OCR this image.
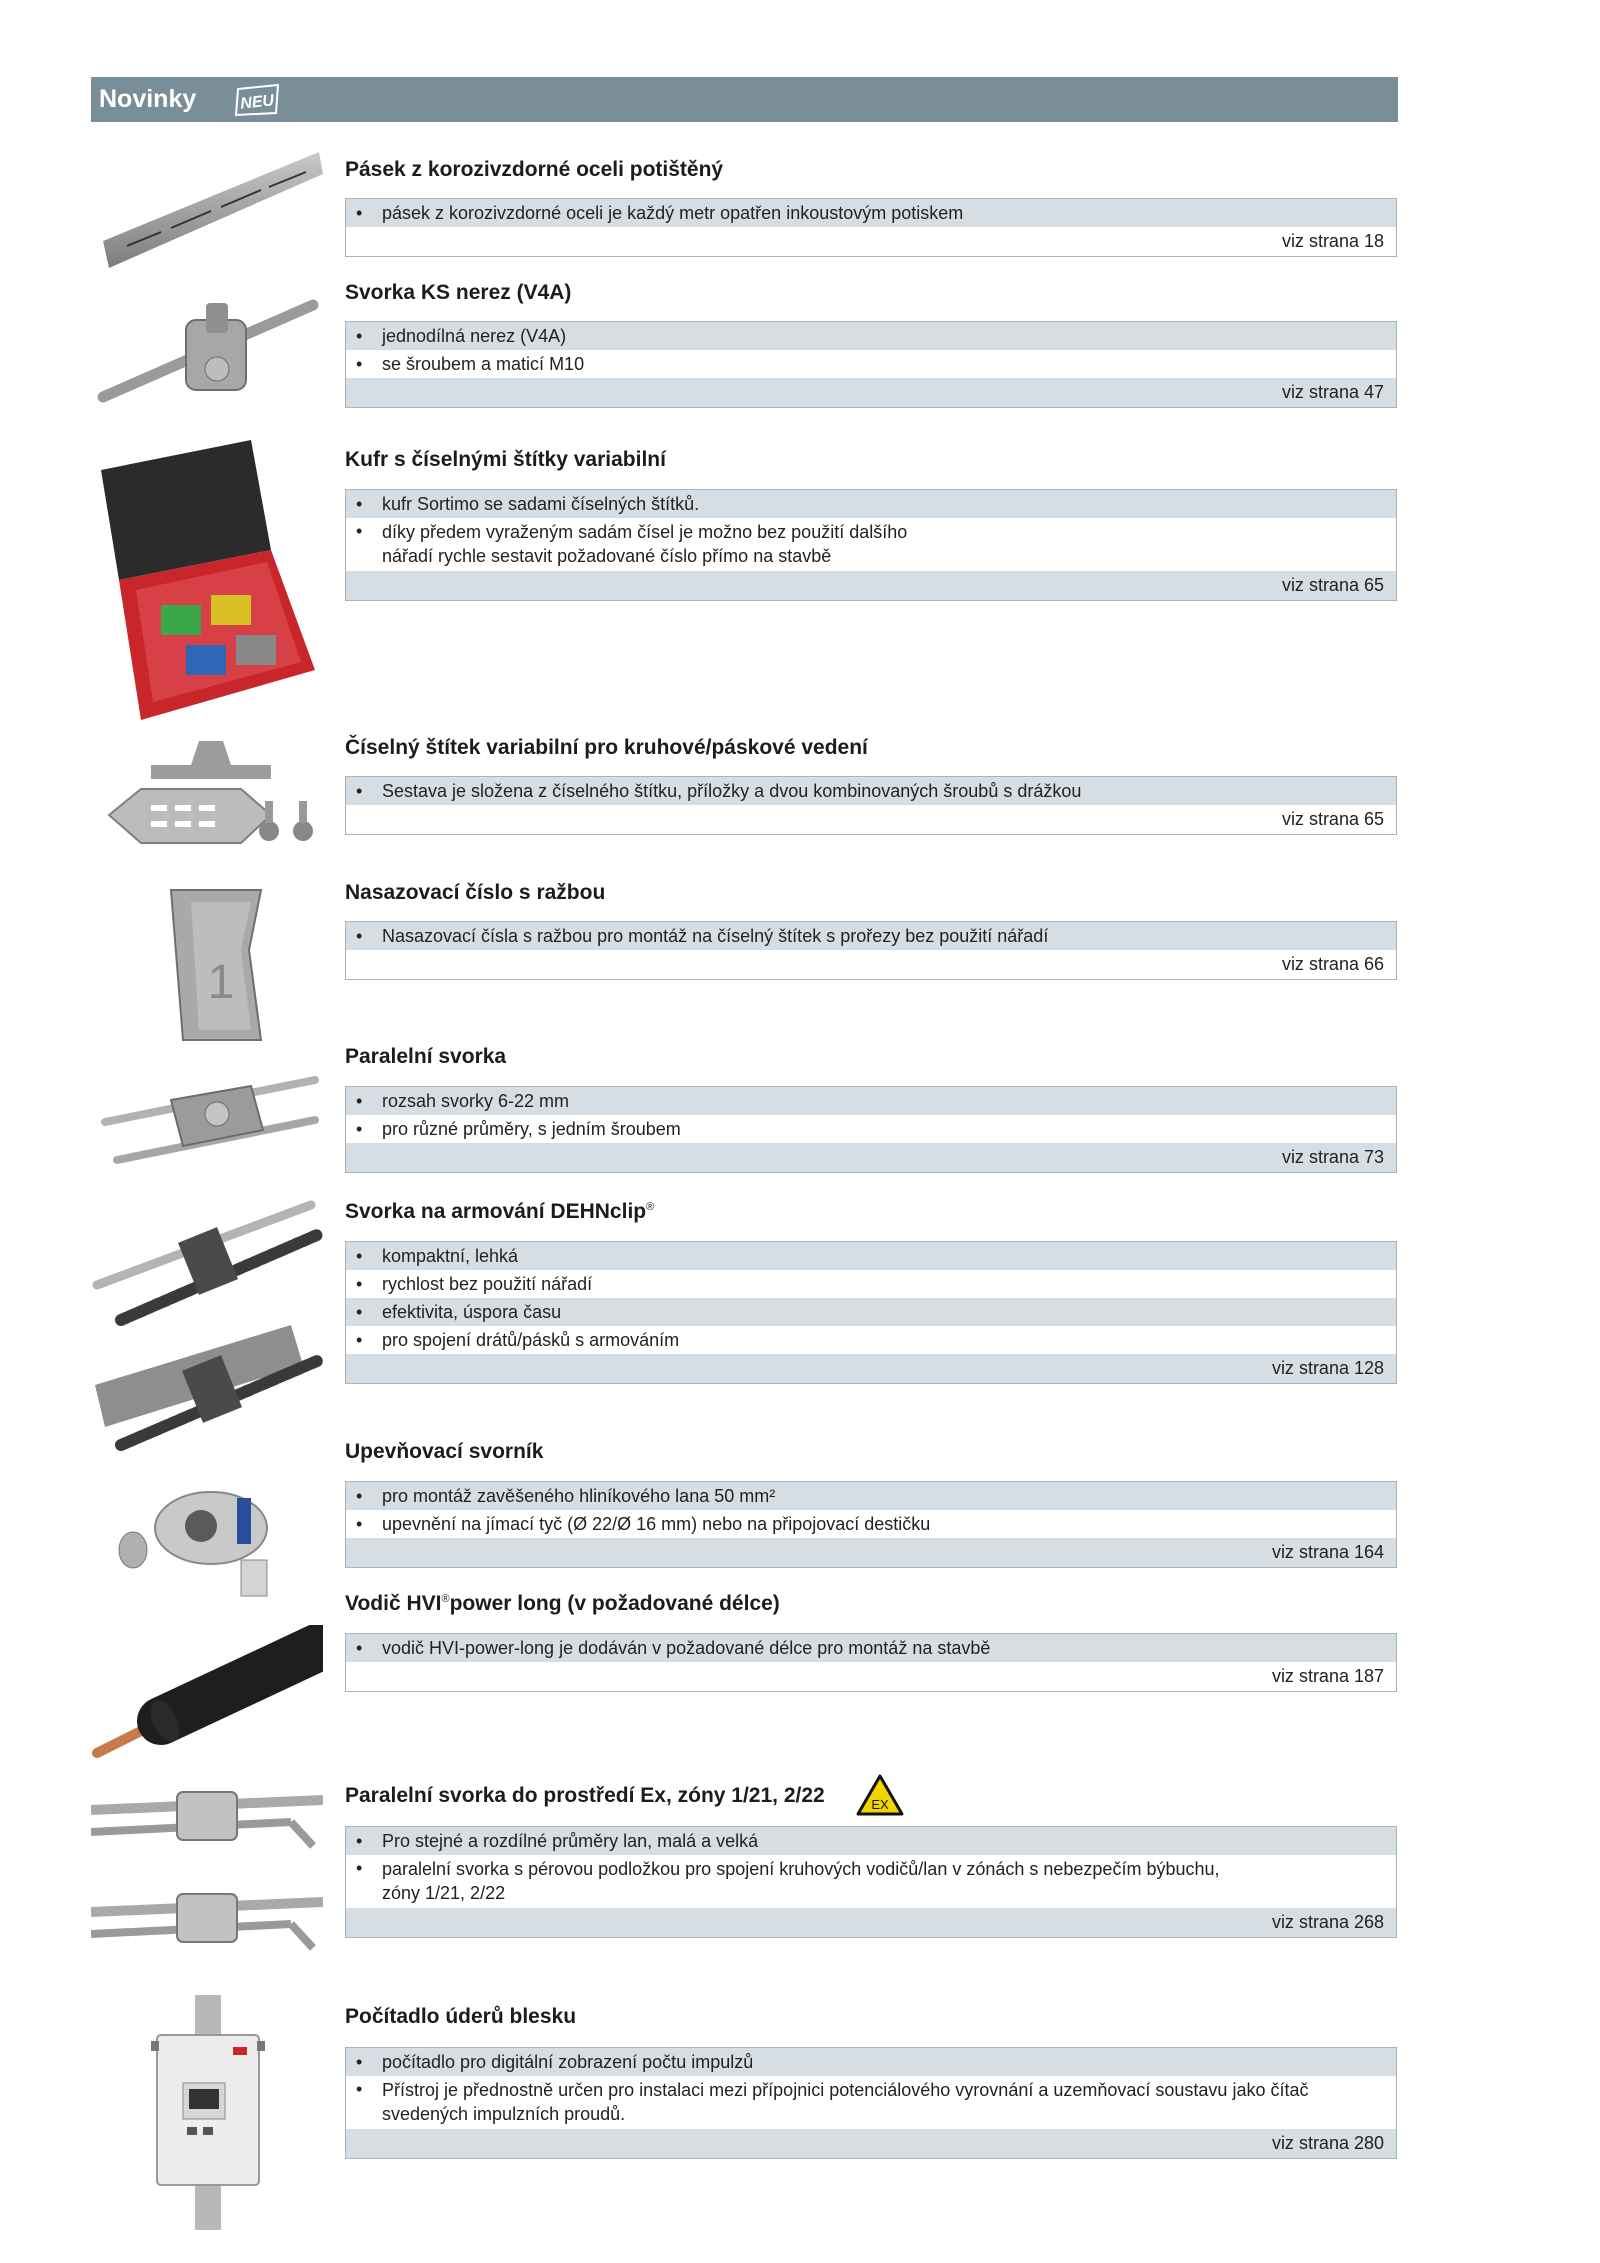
Novinky	NEU
Pásek z korozivzdorné oceli potištěný
• pásek z korozivzdorné oceli je každý metr opatřen inkoustovým potiskem
viz strana 18
Svorka KS nerez (V4A)
• jednodílná nerez (V4A)
• se šroubem a maticí M10
viz strana 47
Kufr s číselnými štítky variabilní
• kufr Sortimo se sadami číselných štítků.
• díky předem vyraženým sadám čísel je možno bez použití dalšího nářadí rychle sestavit požadované číslo přímo na stavbě
viz strana 65
Číselný štítek variabilní pro kruhové/páskové vedení
• Sestava je složena z číselného štítku, příložky a dvou kombinovaných šroubů s drážkou
viz strana 65
1
Nasazovací číslo s ražbou
• Nasazovací čísla s ražbou pro montáž na číselný štítek s prořezy bez použití nářadí
viz strana 66
Paralelní svorka
• rozsah svorky 6-22 mm
• pro různé průměry, s jedním šroubem
viz strana 73
Svorka na armování DEHNclip®
• kompaktní, lehká
• rychlost bez použití nářadí
• efektivita, úspora času
• pro spojení drátů/pásků s armováním
viz strana 128
Upevňovací svorník
• pro montáž zavěšeného hliníkového lana 50 mm²
• upevnění na jímací tyč (Ø 22/Ø 16 mm) nebo na připojovací destičku
viz strana 164
Vodič HVI®power long (v požadované délce)
• vodič HVI-power-long je dodáván v požadované délce pro montáž na stavbě
viz strana 187
Paralelní svorka do prostředí Ex, zóny 1/21, 2/22	EX
• Pro stejné a rozdílné průměry lan, malá a velká
• paralelní svorka s pérovou podložkou pro spojení kruhových vodičů/lan v zónách s nebezpečím býbuchu, zóny 1/21, 2/22
viz strana 268
Počítadlo úderů blesku
• počítadlo pro digitální zobrazení počtu impulzů
• Přístroj je přednostně určen pro instalaci mezi přípojnici potenciálového vyrovnání a uzemňovací soustavu jako čítač svedených impulzních proudů.
viz strana 280
